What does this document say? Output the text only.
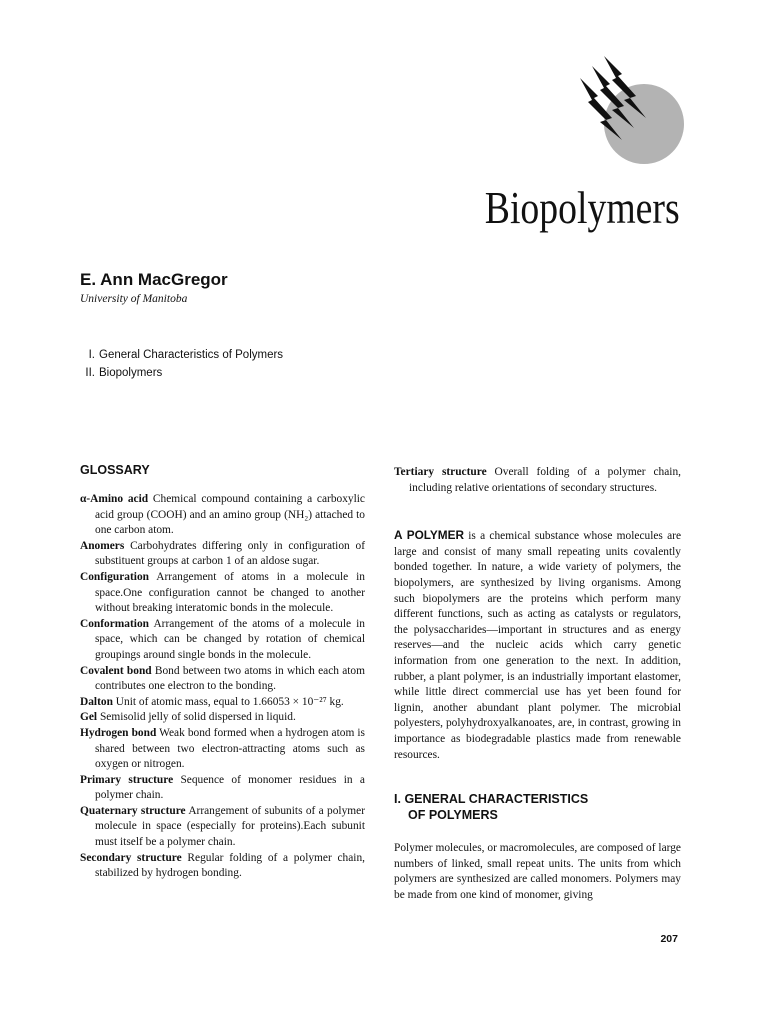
Biopolymers
E. Ann MacGregor
University of Manitoba
I. General Characteristics of Polymers
II. Biopolymers
GLOSSARY

α-Amino acid Chemical compound containing a carboxylic acid group (COOH) and an amino group (NH₂) attached to one carbon atom.

Anomers Carbohydrates differing only in configuration of substituent groups at carbon 1 of an aldose sugar.

Configuration Arrangement of atoms in a molecule in space.One configuration cannot be changed to another without breaking interatomic bonds in the molecule.

Conformation Arrangement of the atoms of a molecule in space, which can be changed by rotation of chemical groupings around single bonds in the molecule.

Covalent bond Bond between two atoms in which each atom contributes one electron to the bonding.

Dalton Unit of atomic mass, equal to 1.66053 × 10⁻²⁷ kg.

Gel Semisolid jelly of solid dispersed in liquid.

Hydrogen bond Weak bond formed when a hydrogen atom is shared between two electron-attracting atoms such as oxygen or nitrogen.

Primary structure Sequence of monomer residues in a polymer chain.

Quaternary structure Arrangement of subunits of a polymer molecule in space (especially for proteins).Each subunit must itself be a polymer chain.

Secondary structure Regular folding of a polymer chain, stabilized by hydrogen bonding.

Tertiary structure Overall folding of a polymer chain, including relative orientations of secondary structures.

A POLYMER is a chemical substance whose molecules are large and consist of many small repeating units covalently bonded together. In nature, a wide variety of polymers, the biopolymers, are synthesized by living organisms. Among such biopolymers are the proteins which perform many different functions, such as acting as catalysts or regulators, the polysaccharides—important in structures and as energy reserves—and the nucleic acids which carry genetic information from one generation to the next. In addition, rubber, a plant polymer, is an industrially important elastomer, while little direct commercial use has yet been found for lignin, another abundant plant polymer. The microbial polyesters, polyhydroxyalkanoates, are, in contrast, growing in importance as biodegradable plastics made from renewable resources.

I. GENERAL CHARACTERISTICS
OF POLYMERS

Polymer molecules, or macromolecules, are composed of large numbers of linked, small repeat units. The units from which polymers are synthesized are called monomers. Polymers may be made from one kind of monomer, giving

207
